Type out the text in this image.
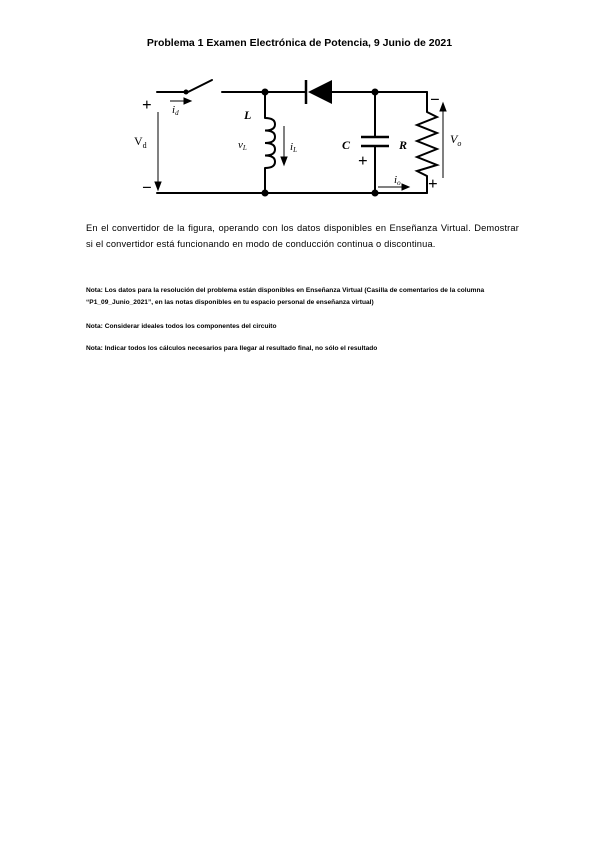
Problema 1 Examen Electrónica de Potencia, 9 Junio de 2021
+
−
$V_d$
id	L
vL	iL	C
+
R
io
−
+
$V_o$
En el convertidor de la figura, operando con los datos disponibles en Enseñanza Virtual. Demostrar si el convertidor está funcionando en modo de conducción continua o discontinua.
Nota: Los datos para la resolución del problema están disponibles en Enseñanza Virtual (Casilla de comentarios de la columna “P1_09_Junio_2021”, en las notas disponibles en tu espacio personal de enseñanza virtual)
Nota: Considerar ideales todos los componentes del circuito
Nota: Indicar todos los cálculos necesarios para llegar al resultado final, no sólo el resultado
